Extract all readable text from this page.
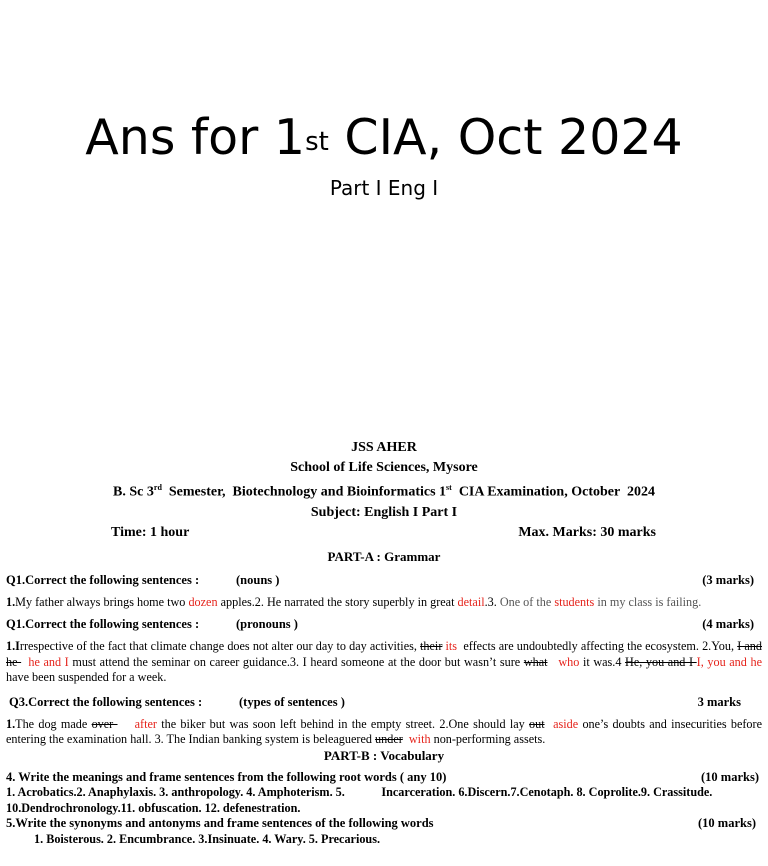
Ans for 1st CIA, Oct 2024
Part I Eng I
JSS AHER
School of Life Sciences, Mysore
B. Sc 3rd  Semester,  Biotechnology and Bioinformatics 1st  CIA Examination, October  2024
Subject: English I Part I
Time: 1 hour	Max. Marks: 30 marks
PART-A : Grammar
Q1.Correct the following sentences :	(nouns )	(3 marks)
1.My father always brings home two dozen apples.2. He narrated the story superbly in great detail.3. One of the students in my class is failing.
Q1.Correct the following sentences :	(pronouns )	(4 marks)
1.Irrespective of the fact that climate change does not alter our day to day activities, their its  effects are undoubtedly affecting the ecosystem. 2.You, I and he   he and I must attend the seminar on career guidance.3. I heard someone at the door but wasn’t sure what   who it was.4 He, you and I I, you and he have been suspended for a week.
Q3.Correct the following sentences :	(types of sentences )	3 marks
1.The dog made over     after the biker but was soon left behind in the empty street. 2.One should lay out  aside one’s doubts and insecurities before entering the examination hall. 3. The Indian banking system is beleaguered under  with non-performing assets.
PART-B : Vocabulary
4. Write the meanings and frame sentences from the following root words ( any 10)	(10 marks)
1. Acrobatics.2. Anaphylaxis. 3. anthropology. 4. Amphoterism. 5.            Incarceration. 6.Discern.7.Cenotaph. 8. Coprolite.9. Crassitude.
10.Dendrochronology.11. obfuscation. 12. defenestration.
5.Write the synonyms and antonyms and frame sentences of the following words	(10 marks)
1. Boisterous. 2. Encumbrance. 3.Insinuate. 4. Wary. 5. Precarious.
